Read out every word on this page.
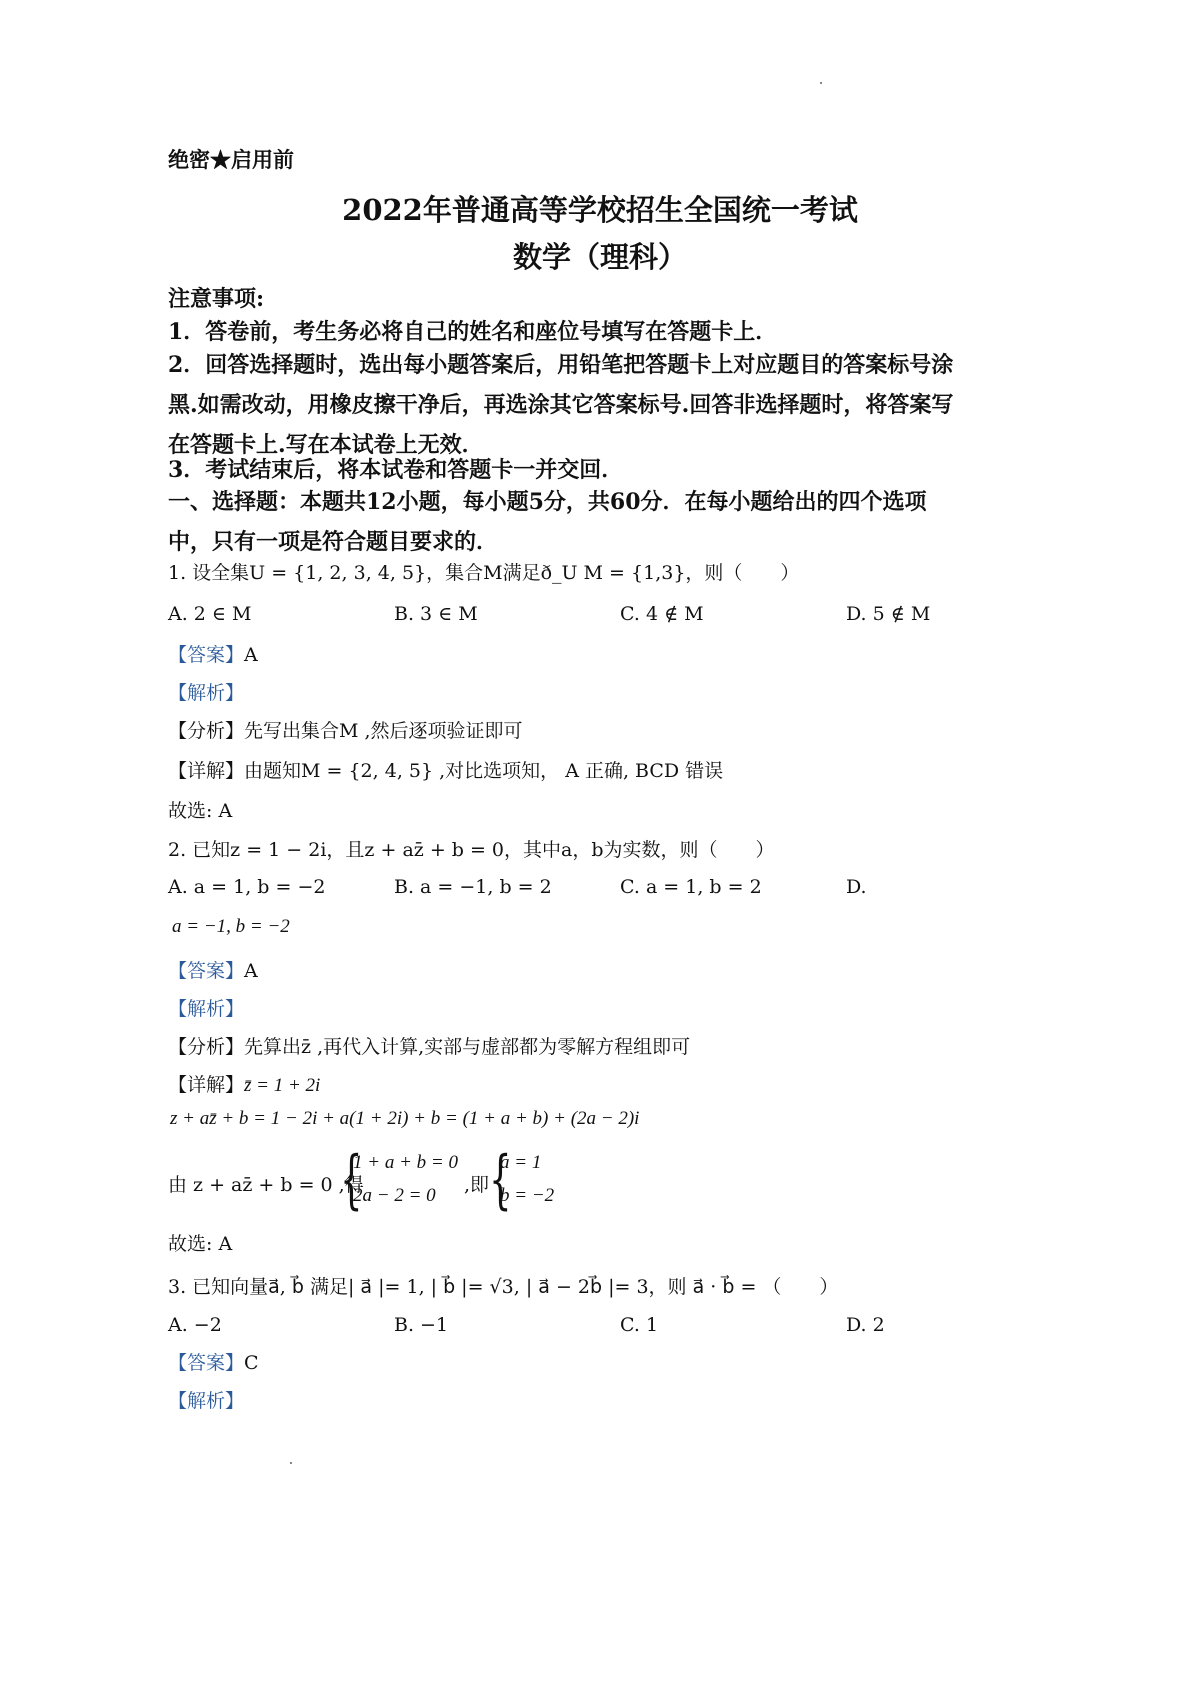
绝密★启用前
2022年普通高等学校招生全国统一考试
数学（理科）
注意事项:
1．答卷前，考生务必将自己的姓名和座位号填写在答题卡上．
2．回答选择题时，选出每小题答案后，用铅笔把答题卡上对应题目的答案标号涂黑.如需改动，用橡皮擦干净后，再选涂其它答案标号.回答非选择题时，将答案写在答题卡上.写在本试卷上无效．
3．考试结束后，将本试卷和答题卡一并交回．
一、选择题：本题共12小题，每小题5分，共60分．在每小题给出的四个选项中，只有一项是符合题目要求的．
1. 设全集U = {1, 2, 3, 4, 5}，集合M满足ð_U M = {1,3}，则（　　）
A. 2 ∈ M	B. 3 ∈ M	C. 4 ∉ M	D. 5 ∉ M
【答案】A
【解析】
【分析】先写出集合M ,然后逐项验证即可
【详解】由题知M = {2, 4, 5} ,对比选项知， A 正确, BCD 错误
故选: A
2. 已知z = 1 − 2i，且z + az̄ + b = 0，其中a，b为实数，则（　　）
A. a = 1, b = −2	B. a = −1, b = 2	C. a = 1, b = 2	D.
a = −1, b = −2
【答案】A
【解析】
【分析】先算出z̄ ,再代入计算,实部与虚部都为零解方程组即可
【详解】z̄ = 1 + 2i
z + az̄ + b = 1 − 2i + a(1 + 2i) + b = (1 + a + b) + (2a − 2)i
由 z + az̄ + b = 0 ,得
{
1 + a + b = 0
2a − 2 = 0 ,即 {
a = 1
b = −2
故选: A
3. 已知向量a⃗, b⃗ 满足| a⃗ |= 1, | b⃗ |= √3, | a⃗ − 2b⃗ |= 3，则 a⃗ · b⃗ = （　　）
A. −2	B. −1	C. 1	D. 2
【答案】C
【解析】
